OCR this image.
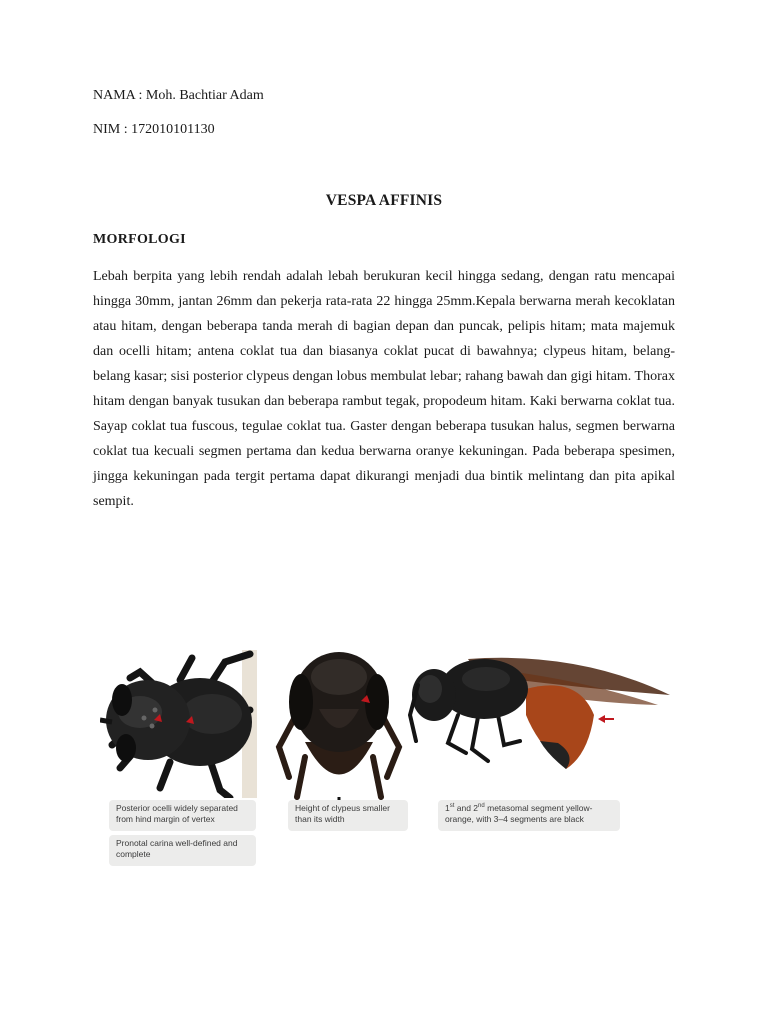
NAMA : Moh. Bachtiar Adam
NIM : 172010101130
VESPA AFFINIS
MORFOLOGI

Lebah berpita yang lebih rendah adalah lebah berukuran kecil hingga sedang, dengan ratu mencapai hingga 30mm, jantan 26mm dan pekerja rata-rata 22 hingga 25mm.Kepala berwarna merah kecoklatan atau hitam, dengan beberapa tanda merah di bagian depan dan puncak, pelipis hitam; mata majemuk dan ocelli hitam; antena coklat tua dan biasanya coklat pucat di bawahnya; clypeus hitam, belang-belang kasar; sisi posterior clypeus dengan lobus membulat lebar; rahang bawah dan gigi hitam. Thorax hitam dengan banyak tusukan dan beberapa rambut tegak, propodeum hitam. Kaki berwarna coklat tua. Sayap coklat tua fuscous, tegulae coklat tua. Gaster dengan beberapa tusukan halus, segmen berwarna coklat tua kecuali segmen pertama dan kedua berwarna oranye kekuningan. Pada beberapa spesimen, jingga kekuningan pada tergit pertama dapat dikurangi menjadi dua bintik melintang dan pita apikal sempit.

Posterior ocelli widely separated from hind margin of vertex
Pronotal carina well-defined and complete
Height of clypeus smaller than its width
1st and 2nd metasomal segment yellow-orange, with 3–4 segments are black
